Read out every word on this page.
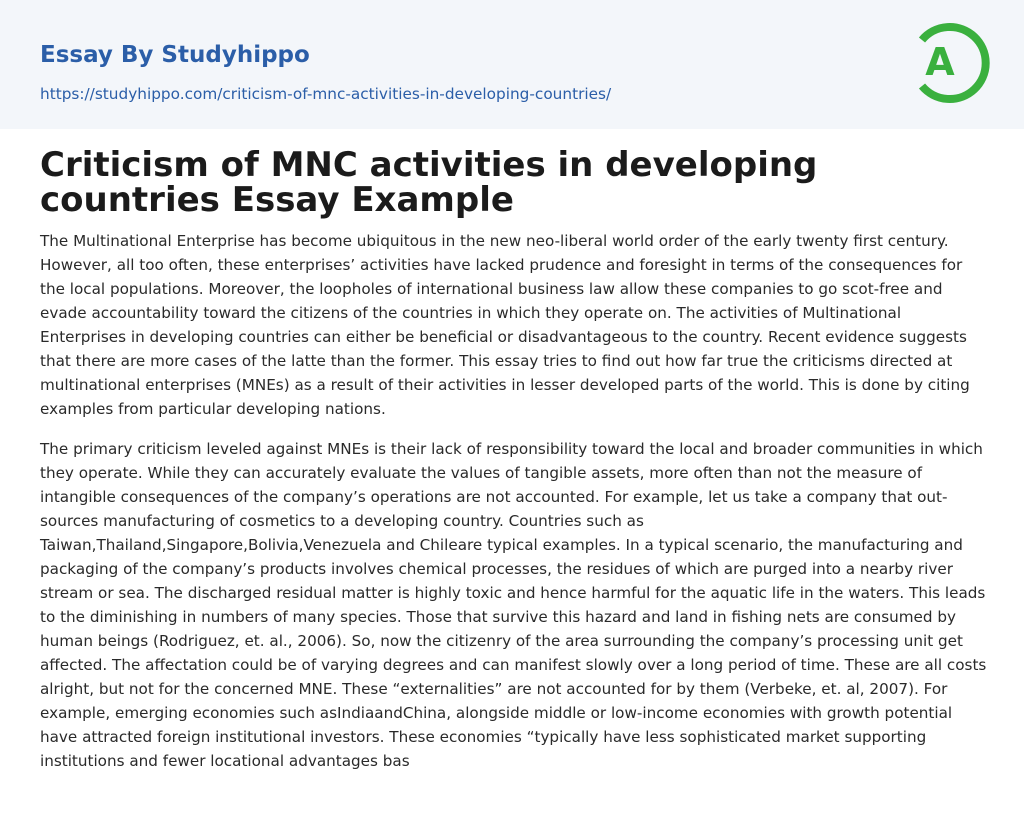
Essay By Studyhippo
https://studyhippo.com/criticism-of-mnc-activities-in-developing-countries/
A
Criticism of MNC activities in developing countries Essay Example

The Multinational Enterprise has become ubiquitous in the new neo-liberal world order of the early twenty first century. However, all too often, these enterprises’ activities have lacked prudence and foresight in terms of the consequences for the local populations. Moreover, the loopholes of international business law allow these companies to go scot-free and evade accountability toward the citizens of the countries in which they operate on. The activities of Multinational Enterprises in developing countries can either be beneficial or disadvantageous to the country. Recent evidence suggests that there are more cases of the latte than the former. This essay tries to find out how far true the criticisms directed at multinational enterprises (MNEs) as a result of their activities in lesser developed parts of the world. This is done by citing examples from particular developing nations.

The primary criticism leveled against MNEs is their lack of responsibility toward the local and broader communities in which they operate. While they can accurately evaluate the values of tangible assets, more often than not the measure of intangible consequences of the company’s operations are not accounted. For example, let us take a company that out-sources manufacturing of cosmetics to a developing country. Countries such as Taiwan,Thailand,Singapore,Bolivia,Venezuela and Chileare typical examples. In a typical scenario, the manufacturing and packaging of the company’s products involves chemical processes, the residues of which are purged into a nearby river stream or sea. The discharged residual matter is highly toxic and hence harmful for the aquatic life in the waters. This leads to the diminishing in numbers of many species. Those that survive this hazard and land in fishing nets are consumed by human beings (Rodriguez, et. al., 2006). So, now the citizenry of the area surrounding the company’s processing unit get affected. The affectation could be of varying degrees and can manifest slowly over a long period of time. These are all costs alright, but not for the concerned MNE. These “externalities” are not accounted for by them (Verbeke, et. al, 2007). For example, emerging economies such asIndiaandChina, alongside middle or low-income economies with growth potential have attracted foreign institutional investors. These economies “typically have less sophisticated market supporting institutions and fewer locational advantages bas
